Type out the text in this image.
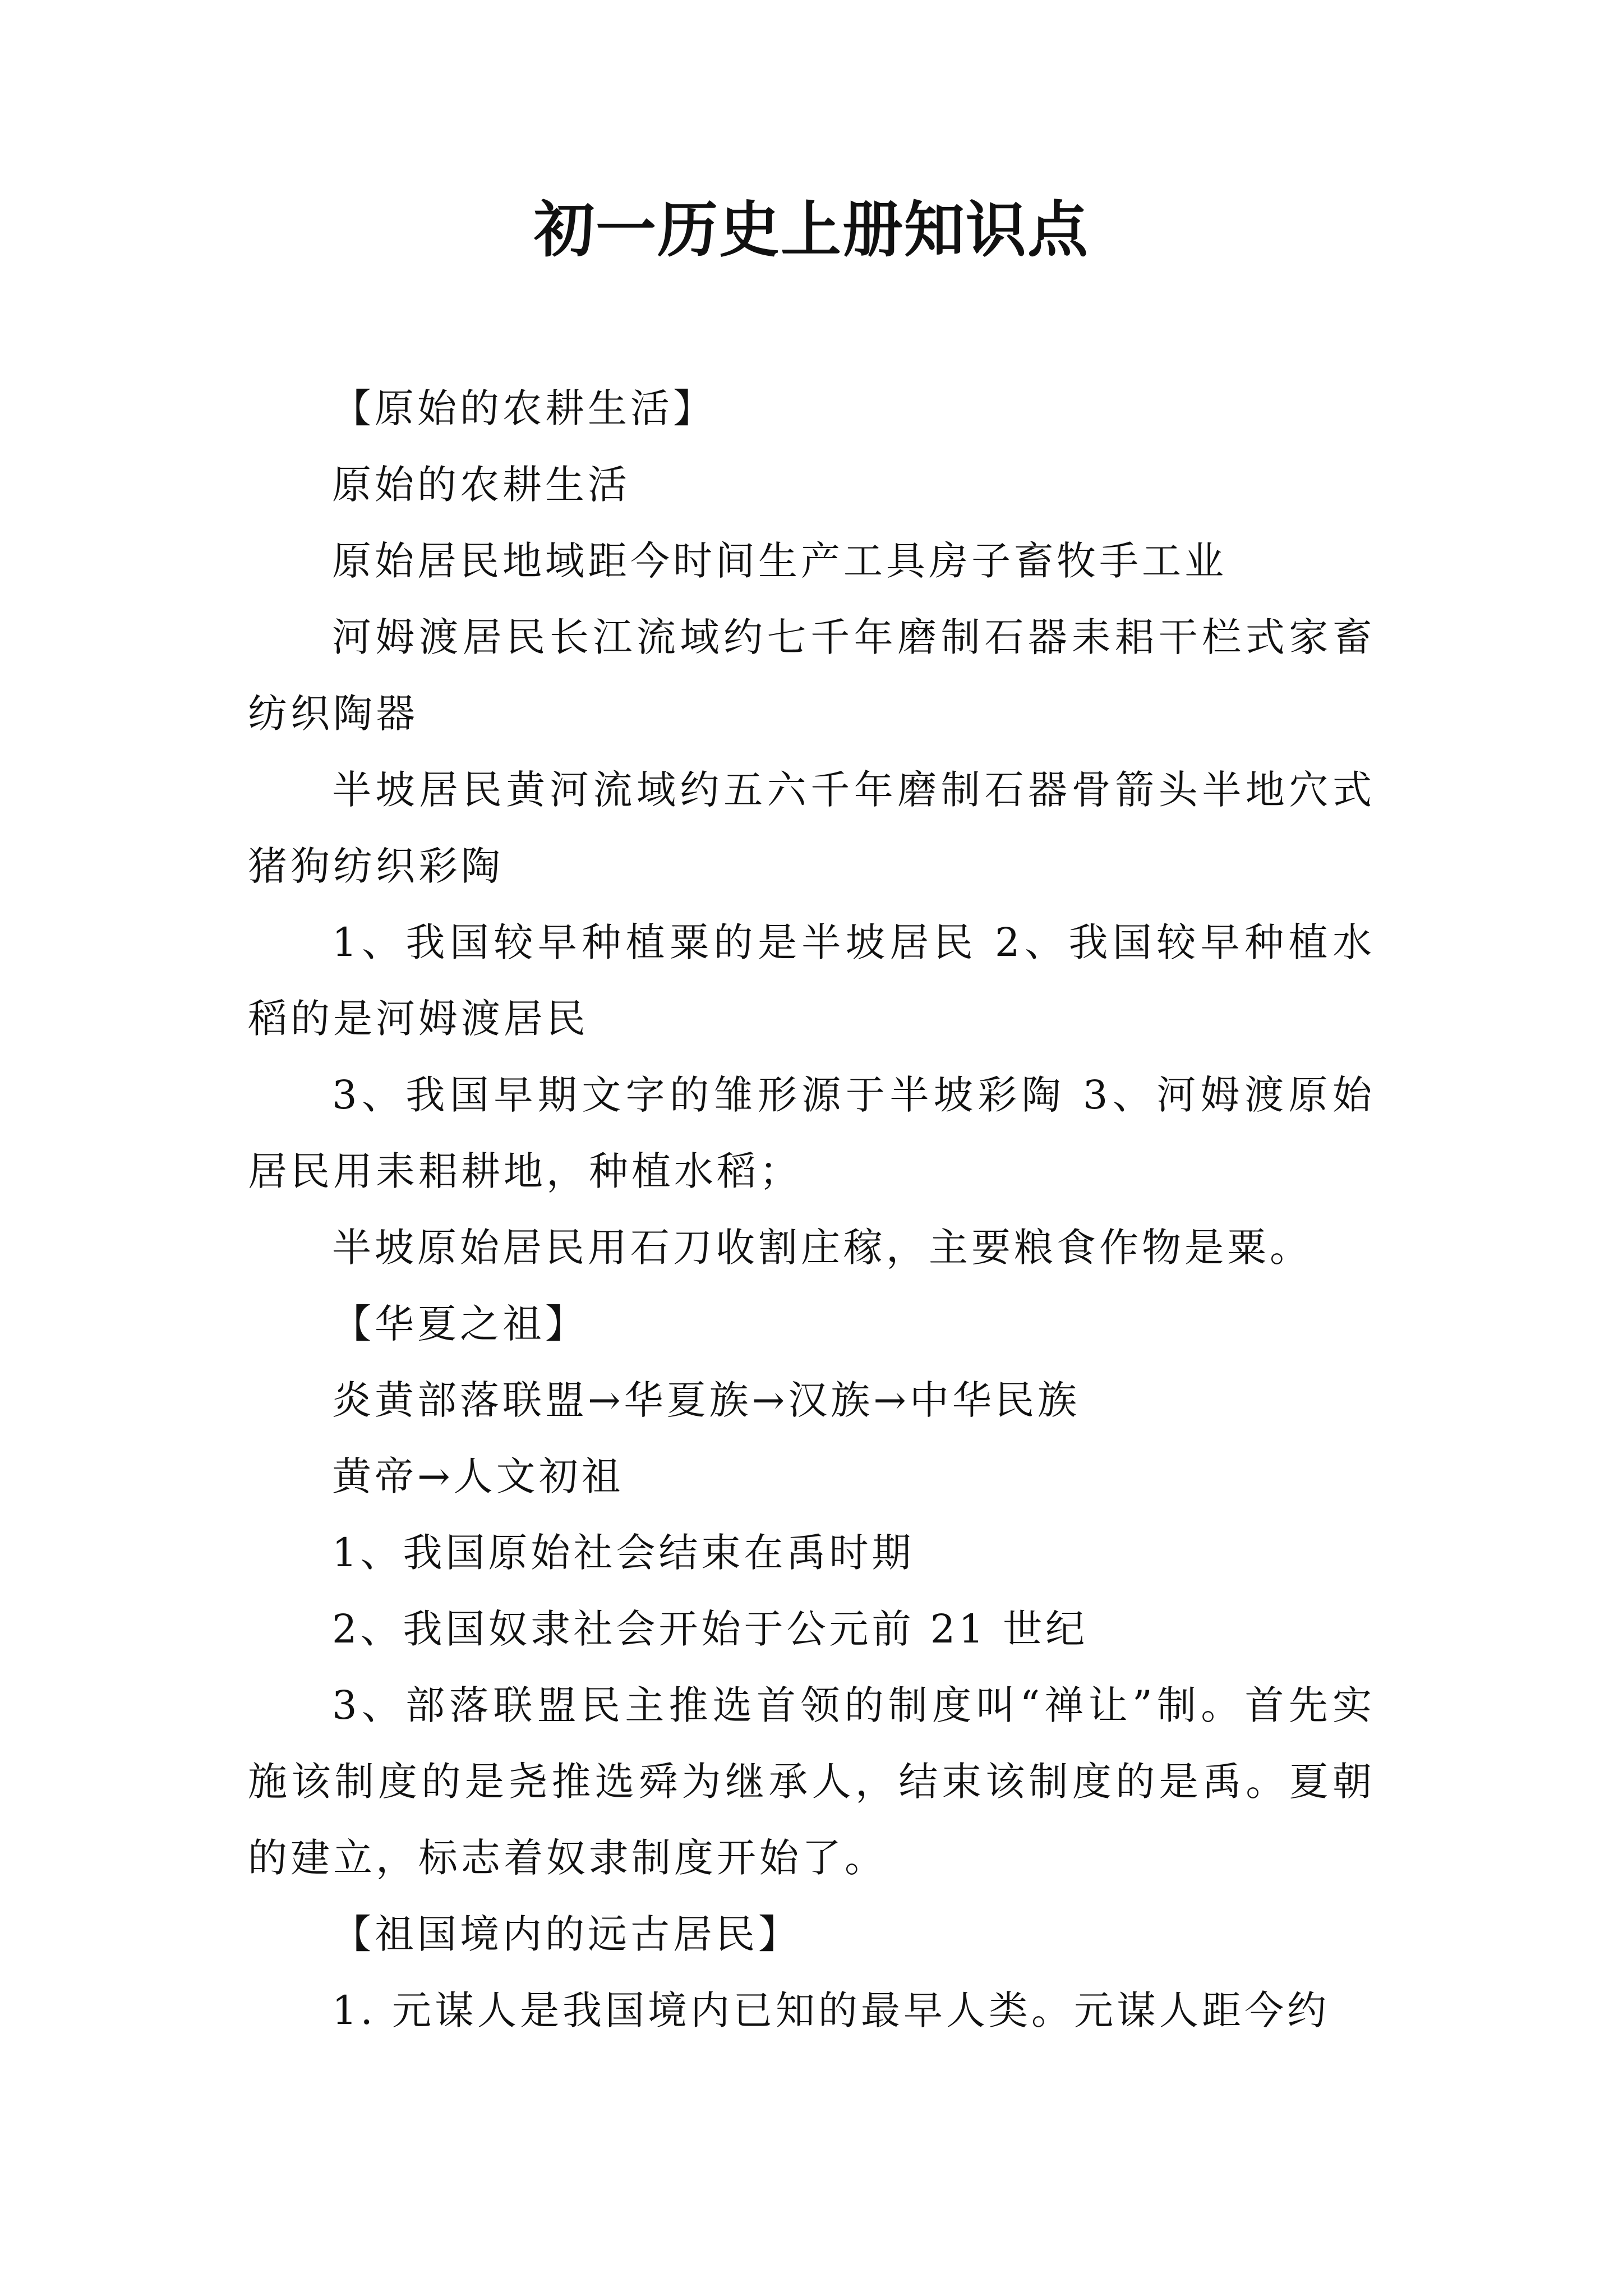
初一历史上册知识点

【原始的农耕生活】

原始的农耕生活

原始居民地域距今时间生产工具房子畜牧手工业

河姆渡居民长江流域约七千年磨制石器耒耜干栏式家畜纺织陶器

半坡居民黄河流域约五六千年磨制石器骨箭头半地穴式猪狗纺织彩陶

1、我国较早种植粟的是半坡居民 2、我国较早种植水稻的是河姆渡居民

3、我国早期文字的雏形源于半坡彩陶 3、河姆渡原始居民用耒耜耕地，种植水稻；

半坡原始居民用石刀收割庄稼，主要粮食作物是粟。

【华夏之祖】

炎黄部落联盟→华夏族→汉族→中华民族

黄帝→人文初祖

1、我国原始社会结束在禹时期

2、我国奴隶社会开始于公元前 21 世纪

3、部落联盟民主推选首领的制度叫“禅让”制。首先实施该制度的是尧推选舜为继承人，结束该制度的是禹。夏朝的建立，标志着奴隶制度开始了。

【祖国境内的远古居民】

1. 元谋人是我国境内已知的最早人类。元谋人距今约
